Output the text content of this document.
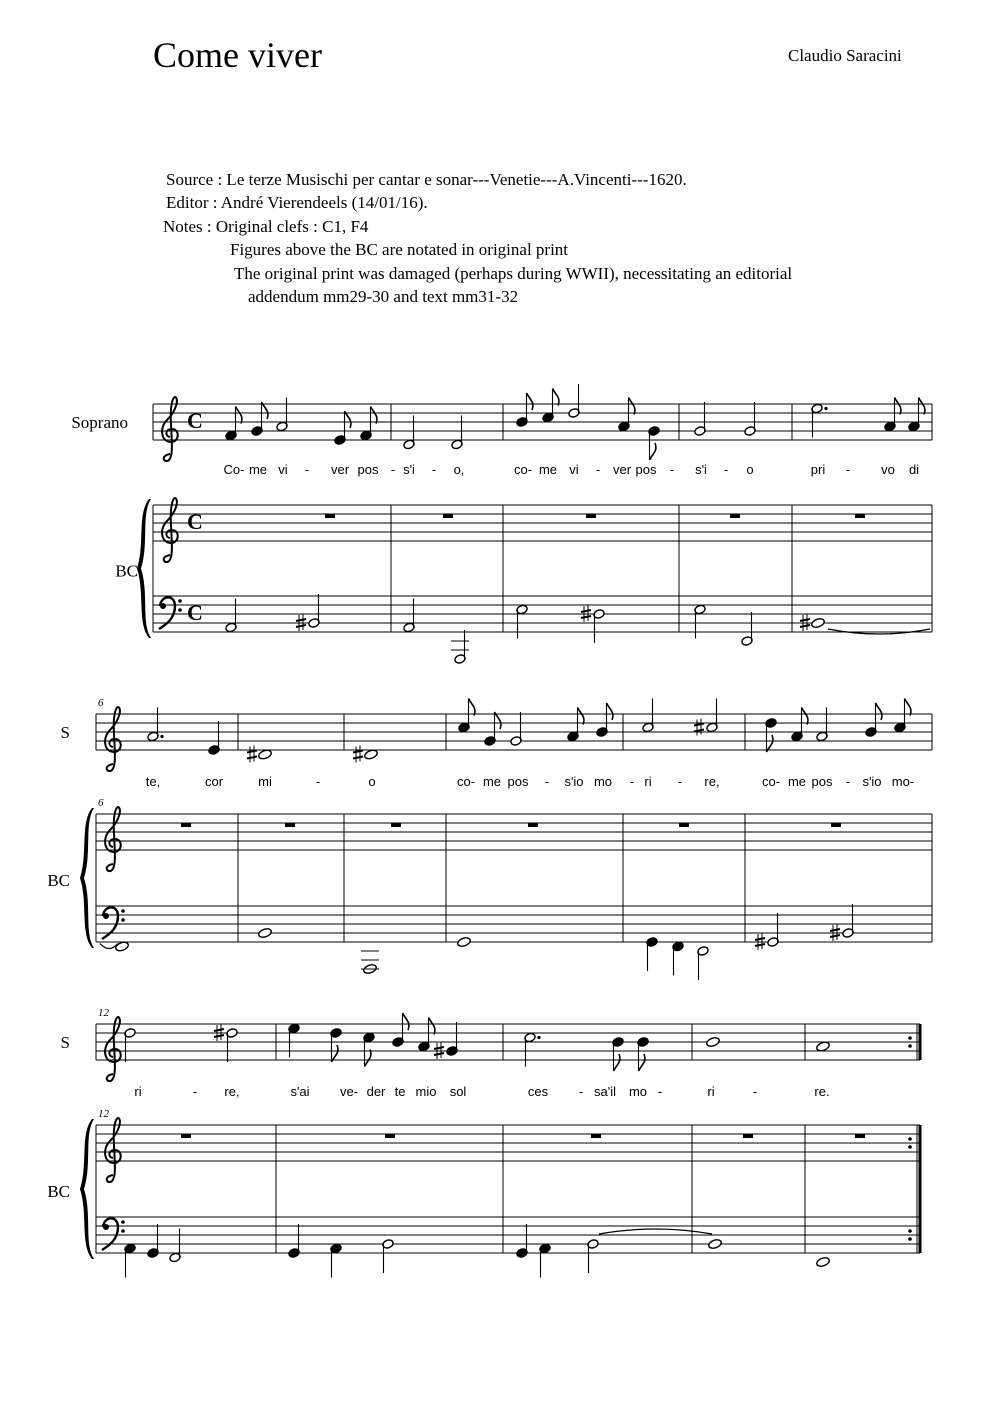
Come viver	Claudio Saracini
Source : Le terze Musischi per cantar e sonar---Venetie---A.Vincenti---1620.
Editor : André Vierendeels (14/01/16).
Notes : Original clefs : C1, F4
Figures above the BC are notated in original print
The original print was damaged (perhaps during WWII), necessitating an editorial
addendum mm29-30 and text mm31-32
C
C
C
Soprano
BC
Co- me vi - ver pos - s'i - o,	co- me vi - ver pos - s'i - o	pri - vo di
6
6
S
BC
te,	cor	mi	-	o	co- me pos - s'io mo - ri - re,	co- me pos - s'io mo-
12
12
S
BC
ri	- re,	s'ai ve- der te mio sol	ces - sa'il mo -	ri	-	re.
